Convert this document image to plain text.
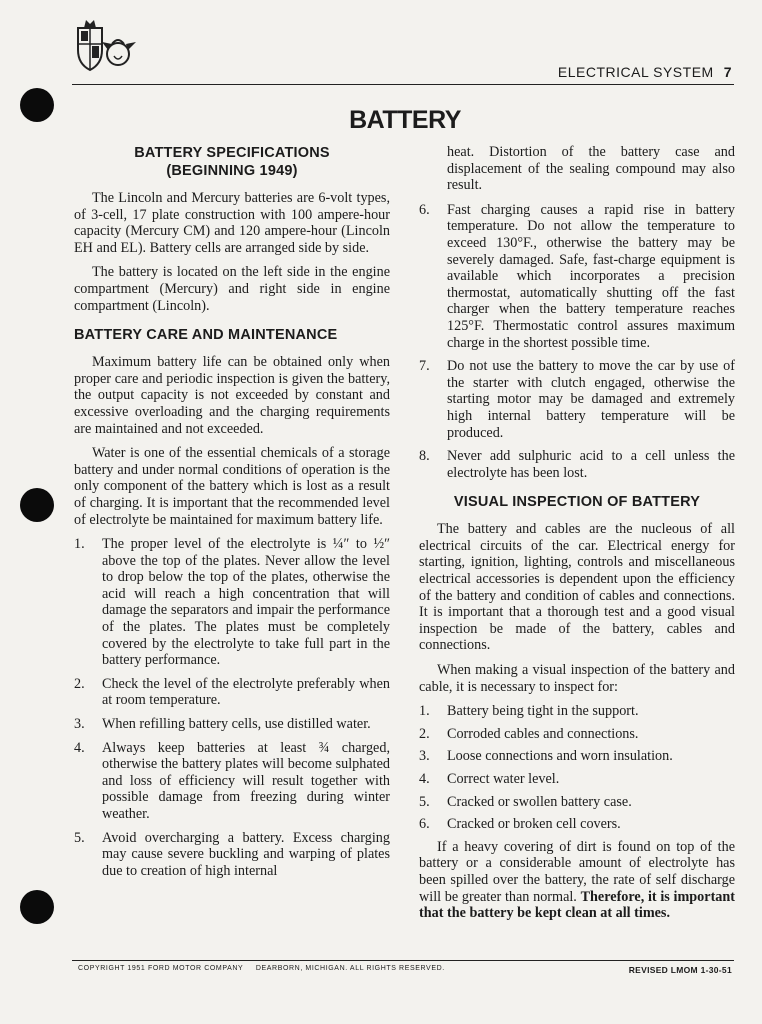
ELECTRICAL SYSTEM 7
BATTERY
BATTERY SPECIFICATIONS
(BEGINNING 1949)

The Lincoln and Mercury batteries are 6-volt types, of 3-cell, 17 plate construction with 100 ampere-hour capacity (Mercury CM) and 120 ampere-hour (Lincoln EH and EL). Battery cells are arranged side by side.

The battery is located on the left side in the engine compartment (Mercury) and right side in engine compartment (Lincoln).

BATTERY CARE AND MAINTENANCE

Maximum battery life can be obtained only when proper care and periodic inspection is given the battery, the output capacity is not exceeded by constant and excessive overloading and the charging requirements are maintained and not exceeded.

Water is one of the essential chemicals of a storage battery and under normal conditions of operation is the only component of the battery which is lost as a result of charging. It is important that the recommended level of electrolyte be maintained for maximum battery life.

1.	The proper level of the electrolyte is ¼″ to ½″ above the top of the plates. Never allow the level to drop below the top of the plates, otherwise the acid will reach a high concentration that will damage the separators and impair the performance of the plates. The plates must be completely covered by the electrolyte to take full part in the battery performance.
2.	Check the level of the electrolyte preferably when at room temperature.
3.	When refilling battery cells, use distilled water.
4.	Always keep batteries at least ¾ charged, otherwise the battery plates will become sulphated and loss of efficiency will result together with possible damage from freezing during winter weather.
5.	Avoid overcharging a battery. Excess charging may cause severe buckling and warping of plates due to creation of high internal

heat. Distortion of the battery case and displacement of the sealing compound may also result.

6.	Fast charging causes a rapid rise in battery temperature. Do not allow the temperature to exceed 130°F., otherwise the battery may be severely damaged. Safe, fast-charge equipment is available which incorporates a precision thermostat, automatically shutting off the fast charger when the battery temperature reaches 125°F. Thermostatic control assures maximum charge in the shortest possible time.
7.	Do not use the battery to move the car by use of the starter with clutch engaged, otherwise the starting motor may be damaged and extremely high internal battery temperature will be produced.
8.	Never add sulphuric acid to a cell unless the electrolyte has been lost.
VISUAL INSPECTION OF BATTERY

The battery and cables are the nucleous of all electrical circuits of the car. Electrical energy for starting, ignition, lighting, controls and miscellaneous electrical accessories is dependent upon the efficiency of the battery and condition of cables and connections. It is important that a thorough test and a good visual inspection be made of the battery, cables and connections.

When making a visual inspection of the battery and cable, it is necessary to inspect for:

1.	Battery being tight in the support.
2.	Corroded cables and connections.
3.	Loose connections and worn insulation.
4.	Correct water level.
5.	Cracked or swollen battery case.
6.	Cracked or broken cell covers.

If a heavy covering of dirt is found on top of the battery or a considerable amount of electrolyte has been spilled over the battery, the rate of self discharge will be greater than normal. Therefore, it is important that the battery be kept clean at all times.

COPYRIGHT 1951 FORD MOTOR COMPANY     DEARBORN, MICHIGAN. ALL RIGHTS RESERVED.	REVISED LMOM 1-30-51
